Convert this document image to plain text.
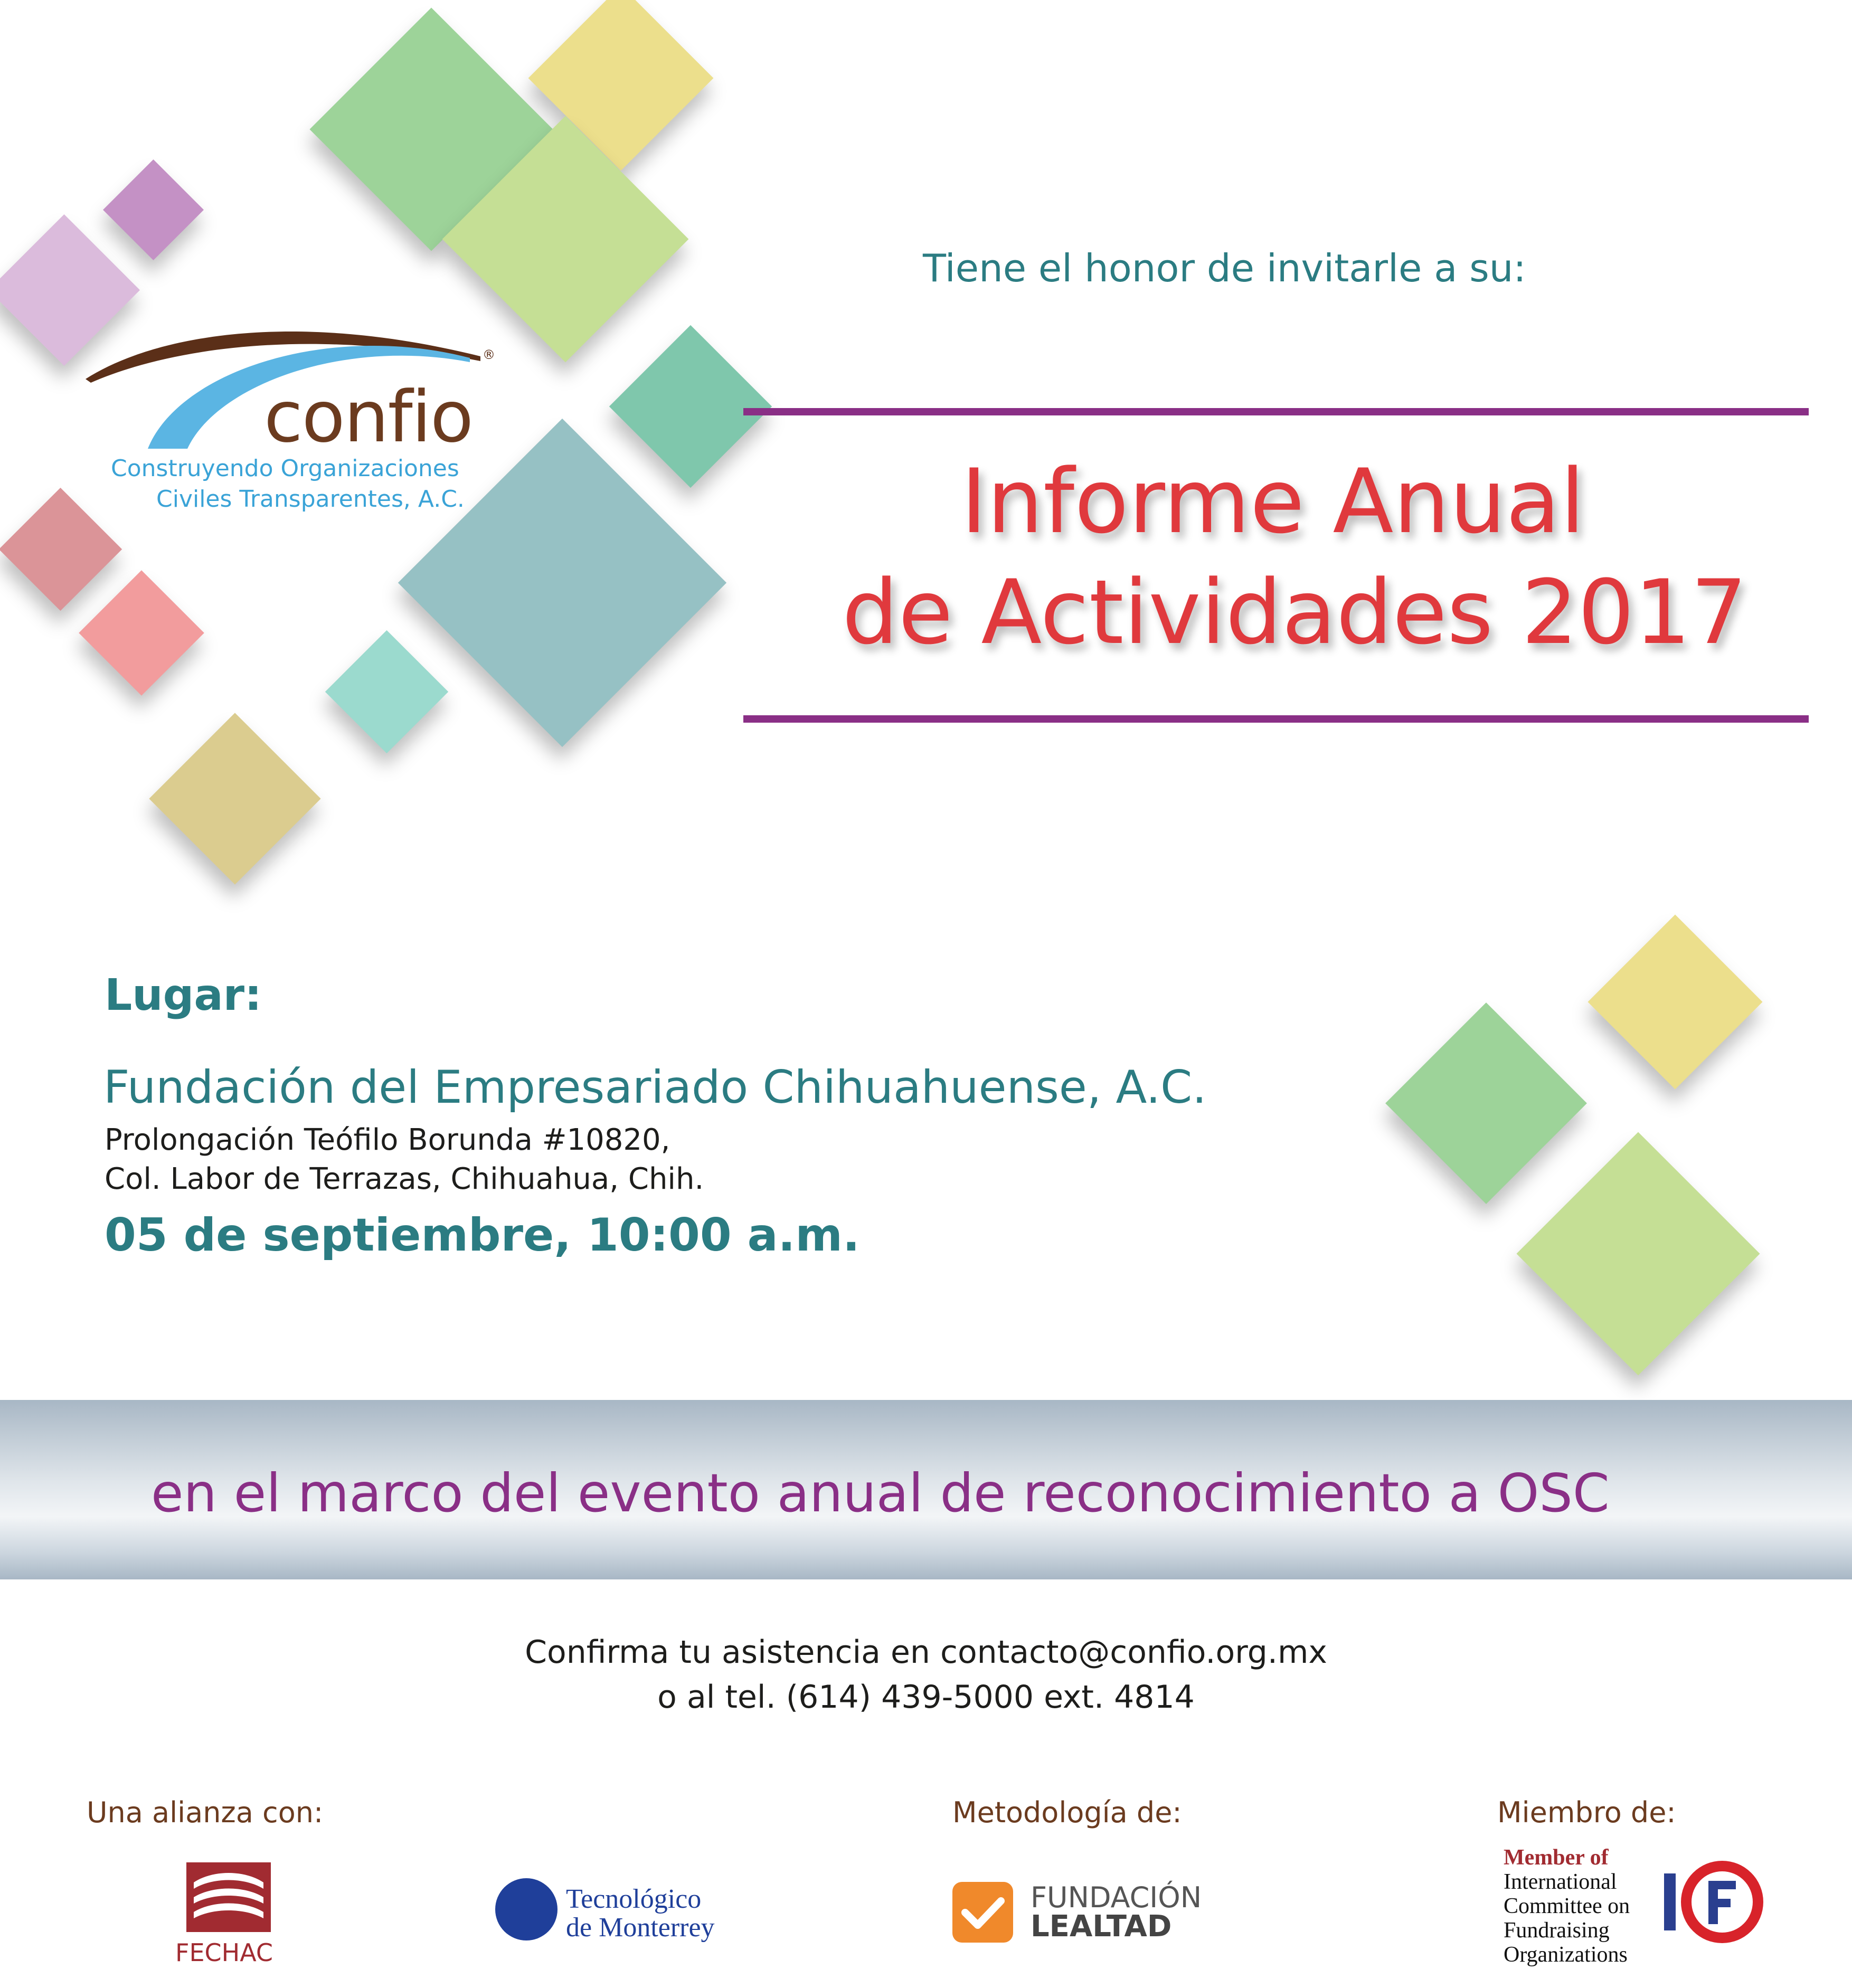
®
confio
Construyendo Organizaciones
Civiles Transparentes, A.C.
Tiene el honor de invitarle a su:
Informe Anual
de Actividades 2017
Lugar:
Fundación del Empresariado Chihuahuense, A.C.
Prolongación Teófilo Borunda #10820,
Col. Labor de Terrazas, Chihuahua, Chih.
05 de septiembre, 10:00 a.m.
en el marco del evento anual de reconocimiento a OSC
Confirma tu asistencia en contacto@confio.org.mx
o al tel. (614) 439-5000 ext. 4814
Una alianza con:	Metodología de:	Miembro de:
FECHAC
Tecnológico
de Monterrey
FUNDACIÓN
LEALTAD
Member of
International
Committee on
Fundraising
Organizations
